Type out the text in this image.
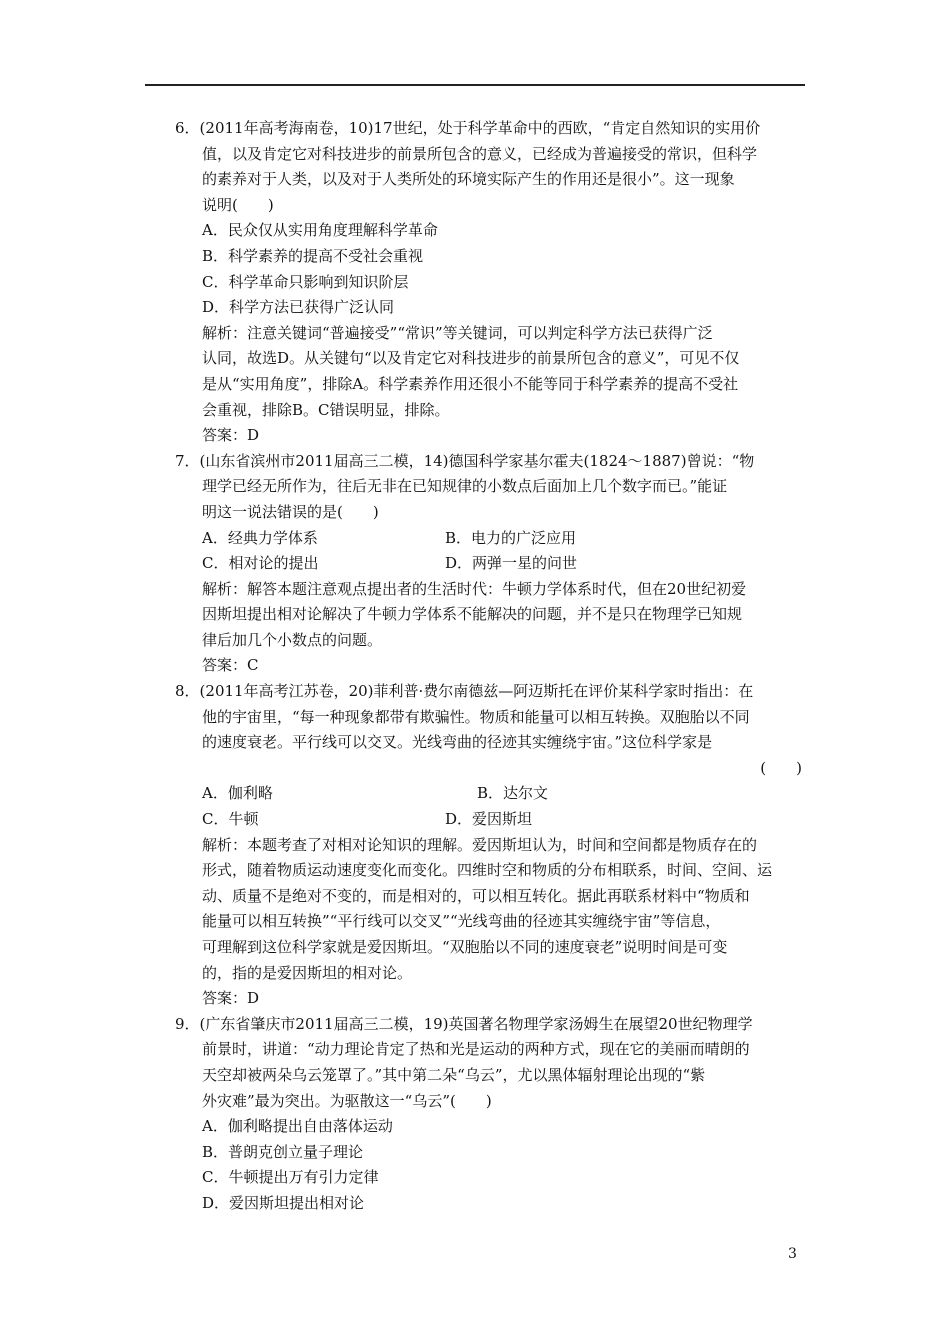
6．(2011年高考海南卷，10)17世纪，处于科学革命中的西欧，“肯定自然知识的实用价
值，以及肯定它对科技进步的前景所包含的意义，已经成为普遍接受的常识，但科学
的素养对于人类，以及对于人类所处的环境实际产生的作用还是很小”。这一现象
说明(　　)
A．民众仅从实用角度理解科学革命
B．科学素养的提高不受社会重视
C．科学革命只影响到知识阶层
D．科学方法已获得广泛认同
解析：注意关键词“普遍接受”“常识”等关键词，可以判定科学方法已获得广泛
认同，故选D。从关键句“以及肯定它对科技进步的前景所包含的意义”，可见不仅
是从“实用角度”，排除A。科学素养作用还很小不能等同于科学素养的提高不受社
会重视，排除B。C错误明显，排除。
答案：D
7．(山东省滨州市2011届高三二模，14)德国科学家基尔霍夫(1824～1887)曾说：“物
理学已经无所作为，往后无非在已知规律的小数点后面加上几个数字而已。”能证
明这一说法错误的是(　　)
A．经典力学体系	B．电力的广泛应用
C．相对论的提出	D．两弹一星的问世
解析：解答本题注意观点提出者的生活时代：牛顿力学体系时代，但在20世纪初爱
因斯坦提出相对论解决了牛顿力学体系不能解决的问题，并不是只在物理学已知规
律后加几个小数点的问题。
答案：C
8．(2011年高考江苏卷，20)菲利普·费尔南德兹—阿迈斯托在评价某科学家时指出：在
他的宇宙里，“每一种现象都带有欺骗性。物质和能量可以相互转换。双胞胎以不同
的速度衰老。平行线可以交叉。光线弯曲的径迹其实缠绕宇宙。”这位科学家是
(　　)
A．伽利略	B．达尔文
C．牛顿	D．爱因斯坦
解析：本题考查了对相对论知识的理解。爱因斯坦认为，时间和空间都是物质存在的
形式，随着物质运动速度变化而变化。四维时空和物质的分布相联系，时间、空间、运
动、质量不是绝对不变的，而是相对的，可以相互转化。据此再联系材料中“物质和
能量可以相互转换”“平行线可以交叉”“光线弯曲的径迹其实缠绕宇宙”等信息，
可理解到这位科学家就是爱因斯坦。“双胞胎以不同的速度衰老”说明时间是可变
的，指的是爱因斯坦的相对论。
答案：D
9．(广东省肇庆市2011届高三二模，19)英国著名物理学家汤姆生在展望20世纪物理学
前景时，讲道：“动力理论肯定了热和光是运动的两种方式，现在它的美丽而晴朗的
天空却被两朵乌云笼罩了。”其中第二朵“乌云”，尤以黑体辐射理论出现的“紫
外灾难”最为突出。为驱散这一“乌云”(　　)
A．伽利略提出自由落体运动
B．普朗克创立量子理论
C．牛顿提出万有引力定律
D．爱因斯坦提出相对论
3
